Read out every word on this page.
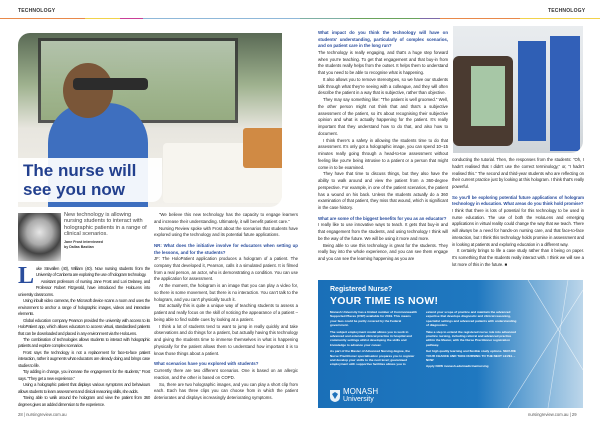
TECHNOLOGY	TECHNOLOGY
The nurse will
see you now
New technology is allowing nursing students to interact with holographic patients in a range of clinical scenarios.
Jane Frost interviewed
by Dallas Bastian
L uke Stevallen (40), William (40). Now nursing students from the University of Canberra are exploring the use of hologram technology.

Assistant professors of nursing Jane Frost and Lori Delaney, and Professor Robert Fitzgerald, have introduced the HoloLens into university classrooms.

Using inbuilt video cameras, the Microsoft device scans a room and uses the environment to anchor a range of holographic images, videos and interactive elements.

Global education company Pearson provided the university with access to its HoloPatient app, which allows educators to access virtual, standardised patients that can be downloaded and placed in any environment via the HoloLens.

The combination of technologies allows students to interact with holographic patients and explore complex scenarios.

Frost says the technology is not a replacement for face-to-face patient interaction, rather it augments what educators are already doing and brings case studies to life.

“By adding in change, you increase the engagement for the students,” Frost says. “They get a new experience.”

Using a holographic patient that displays various symptoms and behaviours allows students to learn assessment and clinical reasoning skills, she adds.

“Being able to walk around the hologram and view the patient from 360 degrees gives an added dimension to the experience.

“We believe this new technology has the capacity to engage learners and increase their understanding. Ultimately, it will benefit patient care.”

Nursing Review spoke with Frost about the scenarios that students have explored using the technology and its potential future applications.

NR: What does the initiative involve for educators when setting up the lessons, and for the students?

JF: The HoloPatient application produces a hologram of a patient. The company that developed it, Pearson, calls it a simulated patient. It is filmed from a real person, an actor, who is demonstrating a condition. You can use the application for assessment.

At the moment, the hologram is an image that you can play a video for, so there is some movement, but there is no interaction. You can't talk to the hologram, and you can't physically touch it.

But actually this is quite a unique way of teaching students to assess a patient and really focus on the skill of noticing the appearance of a patient – being able to find subtle cues by looking at a patient.

I think a lot of students tend to want to jump in really quickly and take observations and do things for a patient, but actually having this technology and giving the students time to immerse themselves in what is happening physically for the patient allows them to understand how important it is to know those things about a patient.

What scenarios have you explored with students?

Currently there are two different scenarios. One is based on an allergic reaction, and the other is based on COPD.

So, there are two holographic images, and you can play a short clip from each. Each has three clips you can choose from in which the patient deteriorates and displays increasingly deteriorating symptoms.

What impact do you think the technology will have on students' understanding, particularly of complex scenarios, and on patient care in the long run?

The technology is really engaging, and that's a huge step forward when you're teaching. To get that engagement and that buy-in from the students really helps from the outset. It helps them to understand that you need to be able to recognise what is happening.

It also allows you to remove stereotypes, so we have our students talk through what they're seeing with a colleague, and they will often describe the patient in a way that is subjective, rather than objective.

They may say something like: “The patient is well groomed.” Well, the other person might not think that and that's a subjective assessment of the patient, so it's about recognising their subjective opinion and what is actually happening for the patient. It's really important that they understand how to do that, and also how to document.

I think there's a safety in allowing the students time to do that assessment. It's only got a holographic image, you can spend 10–15 minutes really going through a head-to-toe assessment without feeling like you're being intrusive to a patient or a person that might come in to be examined.

They have that time to discuss things, but they also have the ability to walk around and view the patient from a 360-degree perspective. For example, in one of the patient scenarios, the patient has a wound on his back. Unless the students actually do a 360 examination of that patient, they miss that wound, which is significant in the case history.

What are some of the biggest benefits for you as an educator?

I really like to use innovative ways to teach. It gets that buy-in and that engagement from the students, and using technology I think will be the way of the future. We will be using it more and more.

Being able to use this technology is great for the students. They really buy into the whole experience, and you can see them engage and you can see the learning happening as you are

conducting the tutorial. Then, the responses from the students: “Oh, I hadn't realised that I didn't use the correct terminology,” or, “I hadn't realised this.” The second and third-year students who are reflecting on their current practice just by looking at this hologram. I think that's really powerful.

So you'll be exploring potential future applications of hologram technology in education. What areas do you think hold promise?

I think that there is lots of potential for this technology to be used in nurse education. The use of both the HoloLens and emerging applications in virtual reality could change the way that we teach. There will always be a need for hands-on nursing care, and that face-to-face interaction, but I think this technology holds promise in assessment and in looking at patients and exploring education in a different way.

It certainly brings to life a case study rather than it being on paper. It's something that the students really interact with. I think we will see a lot more of this in the future. ■

Registered Nurse?
YOUR TIME IS NOW!

Monash University has a limited number of Commonwealth Supported Places (CSP) available for 2019. This means your fees could be partly covered by the Federal government.

The subject employment model allows you to work in advanced and extended clinical practice in hospital and community settings whilst developing the skills and knowledge to advance your career.

As part of the Master of Advanced Nursing degree, the Nurse Practitioner specialisation prepares you to register and develop your skills to the next level; guaranteed employment with supportive facilities allows you to

extend your scope of practice and maintain the advanced expertise that develops diagnostic and clinical reasoning, specialist settings and advanced patients with understanding of diagnostics.

Take a step to extend the registered nurse role into advanced practice nursing, including referral and advanced practice within the Master, with the Nurse Practitioner registration pathway.

Get high quality learning and flexible study options. SECURE YOUR CHANCE AND TAKE NURSING TO THE NEXT LEVEL – NOW

Apply NOW monash.edu/medicine/nursing

MONASH
University
28 | nursingreview.com.au	nursingreview.com.au | 29
